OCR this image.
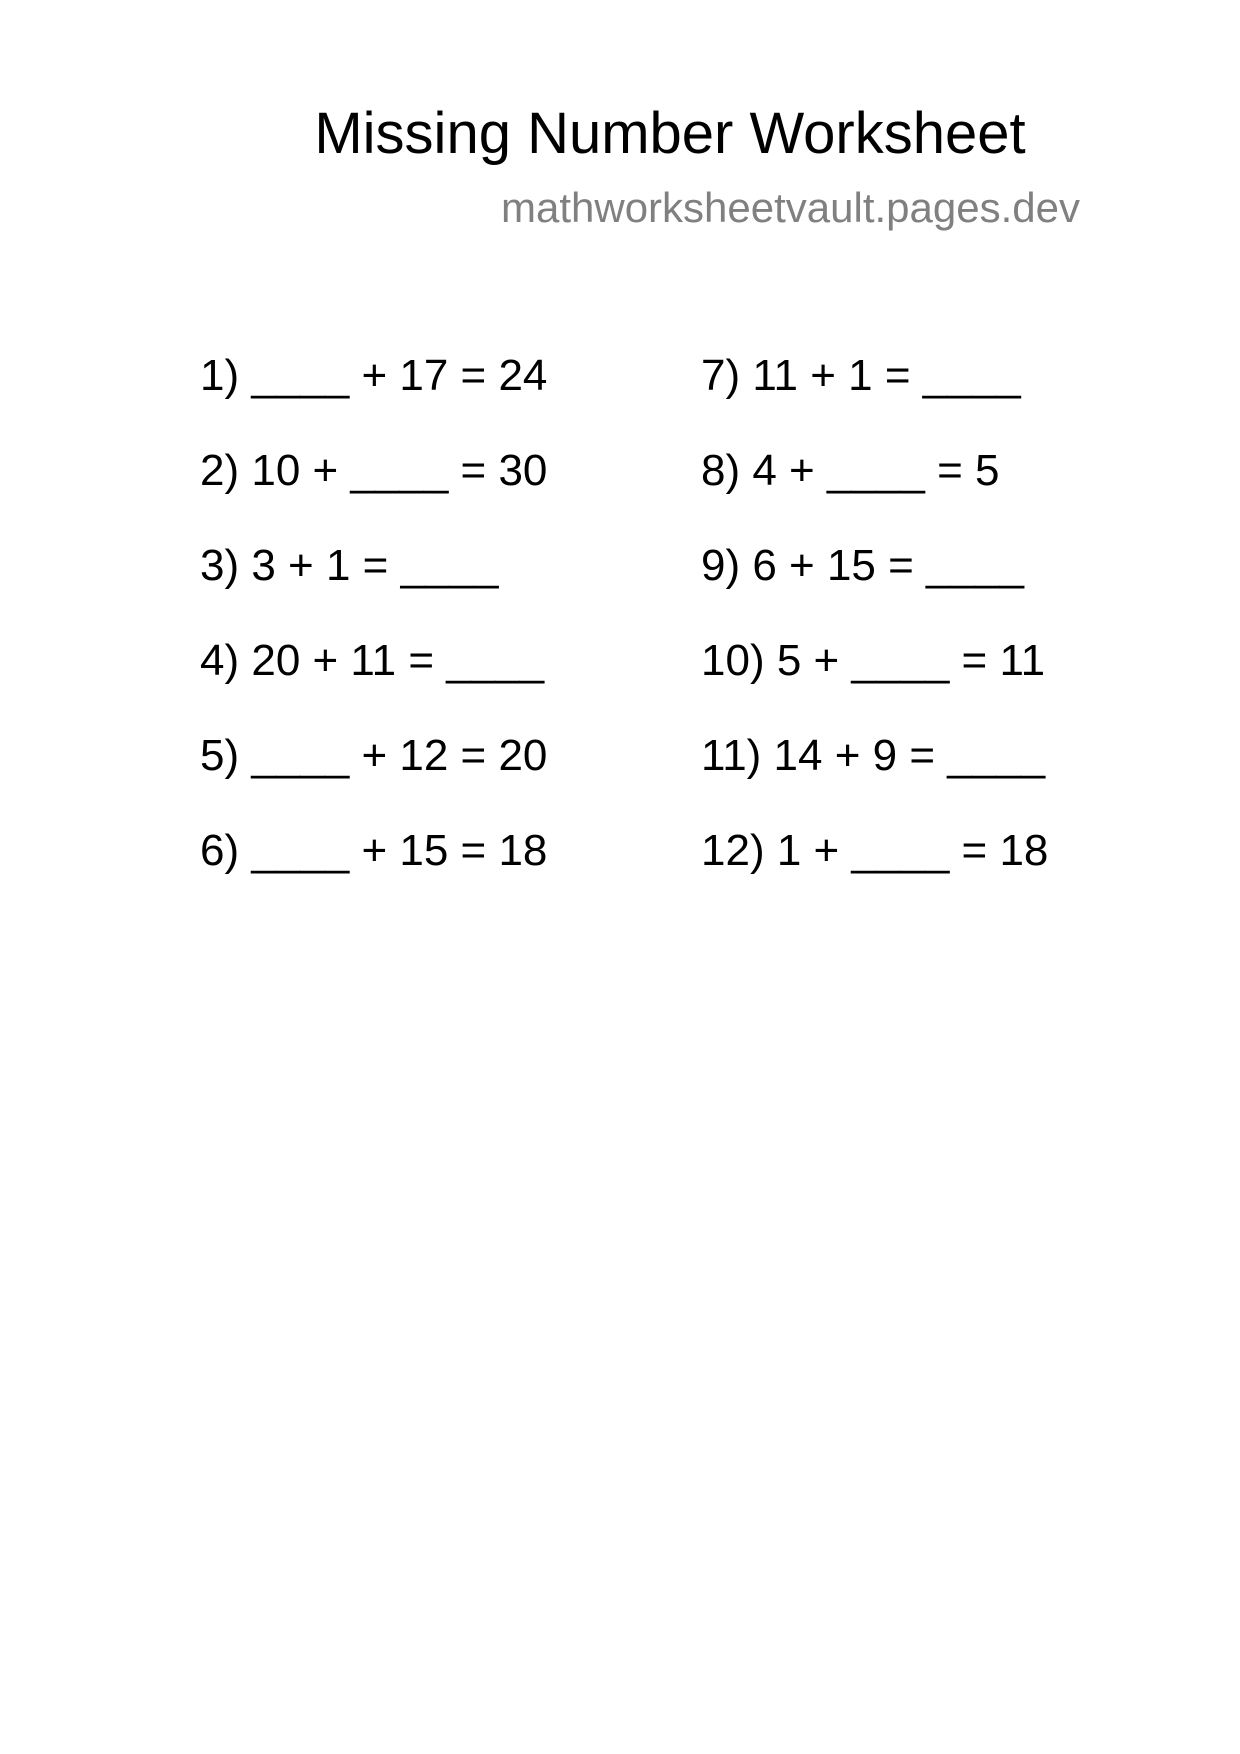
Missing Number Worksheet
mathworksheetvault.pages.dev
1) ____ + 17 = 24
2) 10 + ____ = 30
3) 3 + 1 = ____
4) 20 + 11 = ____
5) ____ + 12 = 20
6) ____ + 15 = 18
7) 11 + 1 = ____
8) 4 + ____ = 5
9) 6 + 15 = ____
10) 5 + ____ = 11
11) 14 + 9 = ____
12) 1 + ____ = 18
